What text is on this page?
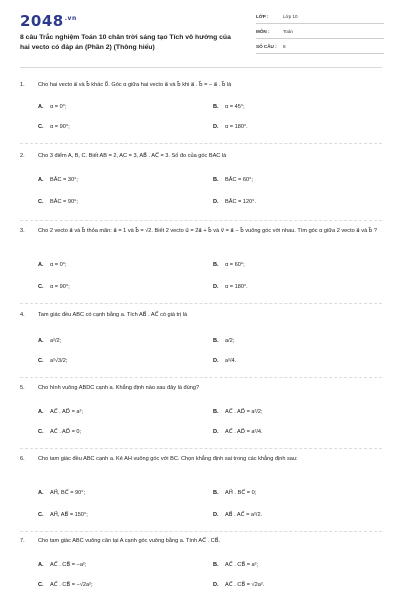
$2048^{.vn}$
8 câu Trắc nghiệm Toán 10 chân trời sáng tạo Tích vô hướng của hai vecto có đáp án (Phần 2) (Thông hiểu)
LỚP :	Lớp 10
MÔN :	Toán
SỐ CÂU : 8
1.	Cho hai vecto a⃗ và b⃗ khác 0⃗. Góc α giữa hai vecto a⃗ và b⃗ khi a⃗ . b⃗ = − a⃗ . b⃗ là
A. α = 0°;	B. α = 45°;
C. α = 90°;	D. α = 180°.
2.	Cho 3 điểm A, B, C. Biết AB = 2, AC = 3, AB⃗ . AC⃗ = 3. Số đo của góc BAC là
A. BÂC = 30°;	B. BÂC = 60°;
C. BÂC = 90°;	D. BÂC = 120°.
3.	Cho 2 vecto a⃗ và b⃗ thỏa mãn: a⃗ = 1 và b⃗ = √2. Biết 2 vecto u⃗ = 2a⃗ + b⃗ và v⃗ = a⃗ − b⃗ vuông góc với nhau. Tìm góc α giữa 2 vecto a⃗ và b⃗ ?
A. α = 0°;	B. α = 60°;
C. α = 90°;	D. α = 180°.
4.	Tam giác đều ABC có cạnh bằng a. Tích AB⃗ . AC⃗ có giá trị là
A. a²/2;	B. a/2;
C. a²√3/2;	D. a²/4.
5.	Cho hình vuông ABDC cạnh a. Khẳng định nào sau đây là đúng?
A. AC⃗ . AD⃗ = a²;	B. AC⃗ . AD⃗ = a²/2;
C. AC⃗ . AD⃗ = 0;	D. AC⃗ . AD⃗ = a²/4.
6.	Cho tam giác đều ABC cạnh a. Kẻ AH vuông góc với BC. Chọn khẳng định sai trong các khẳng định sau:
A. AH⃗, BC⃗ = 90°;	B. AH⃗ . BC⃗ = 0;
C. AH⃗, AB⃗ = 150°;	D. AB⃗ . AC⃗ = a²/2.
7.	Cho tam giác ABC vuông cân tại A cạnh góc vuông bằng a. Tính AC⃗ . CB⃗.
A. AC⃗ . CB⃗ = −a²;	B. AC⃗ . CB⃗ = a²;
C. AC⃗ . CB⃗ = −√2a²;	D. AC⃗ . CB⃗ = √2a².
